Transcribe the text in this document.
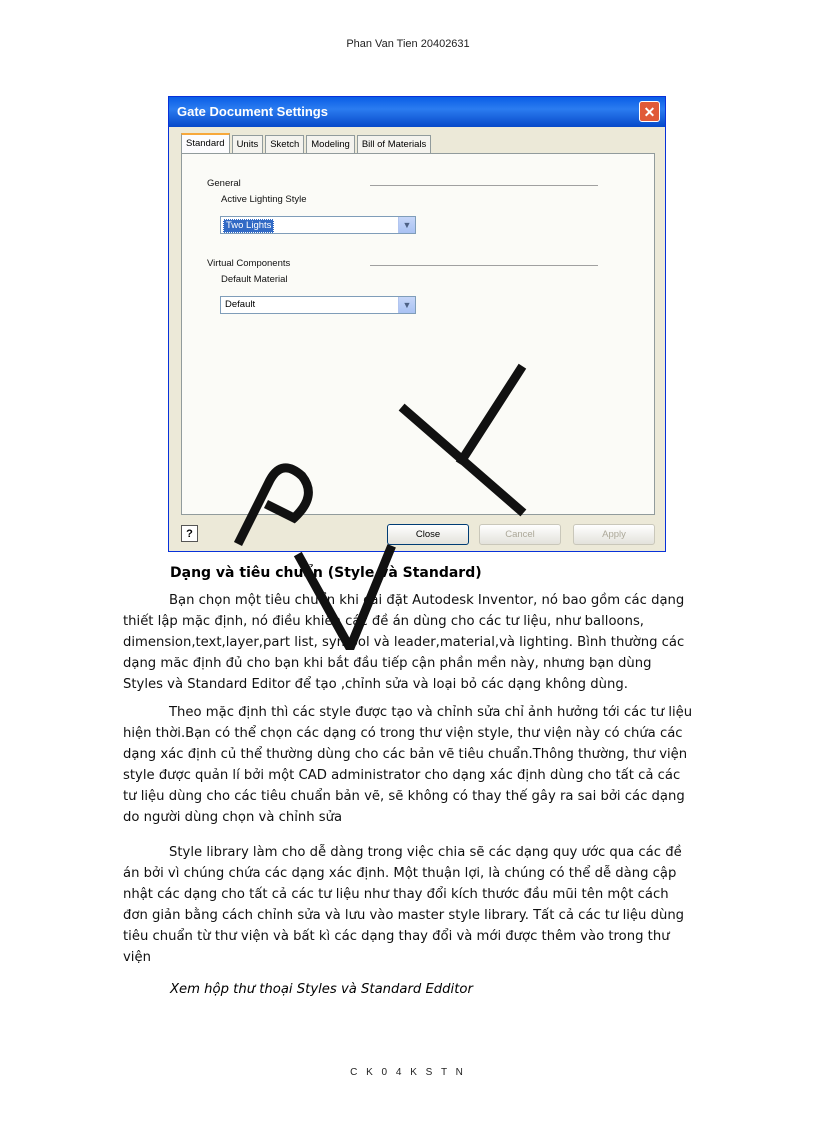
Phan Van Tien 20402631
Gate Document Settings	✕
Standard	Units	Sketch	Modeling	Bill of Materials
General
Active Lighting Style
Two Lights	▼
Virtual Components
Default Material
Default	▼
?	Close	Cancel	Apply
Dạng và tiêu chuẩn (Style và Standard)

Bạn chọn một tiêu chuẩn khi cài đặt Autodesk Inventor, nó bao gồm các dạng thiết lập mặc định, nó điều khiển các đề án dùng cho các tư liệu, như balloons, dimension,text,layer,part list, symbol và leader,material,và lighting. Bình thường các dạng măc định đủ cho bạn khi bắt đầu tiếp cận phần mền này, nhưng bạn dùng Styles và Standard Editor để tạo ,chỉnh sửa và loại bỏ các dạng không dùng.

Theo mặc định thì các style được tạo và chỉnh sửa chỉ ảnh hưởng tới các tư liệu hiện thời.Bạn có thể chọn các dạng có trong thư viện style, thư viện này có chứa các dạng xác định củ thể thường dùng cho các bản vẽ tiêu chuẩn.Thông thường, thư viện style được quản lí bởi một CAD administrator cho dạng xác định dùng cho tất cả các tư liệu dùng cho các tiêu chuẩn bản vẽ, sẽ không có thay thế gây ra sai bởi các dạng do người dùng chọn và chỉnh sửa

Style library làm cho dễ dàng trong việc chia sẽ các dạng quy ước qua các đề án bởi vì chúng chứa các dạng xác định. Một thuận lợi, là chúng có thể dễ dàng cập nhật các dạng cho tất cả các tư liệu như thay đổi kích thước đầu mũi tên một cách đơn giản bằng cách chỉnh sửa và lưu vào master style library. Tất cả các tư liệu dùng tiêu chuẩn từ thư viện và bất kì các dạng thay đổi và mới được thêm vào trong thư viện

Xem hộp thư thoại Styles và Standard Edditor
C K 0 4 K S T N
